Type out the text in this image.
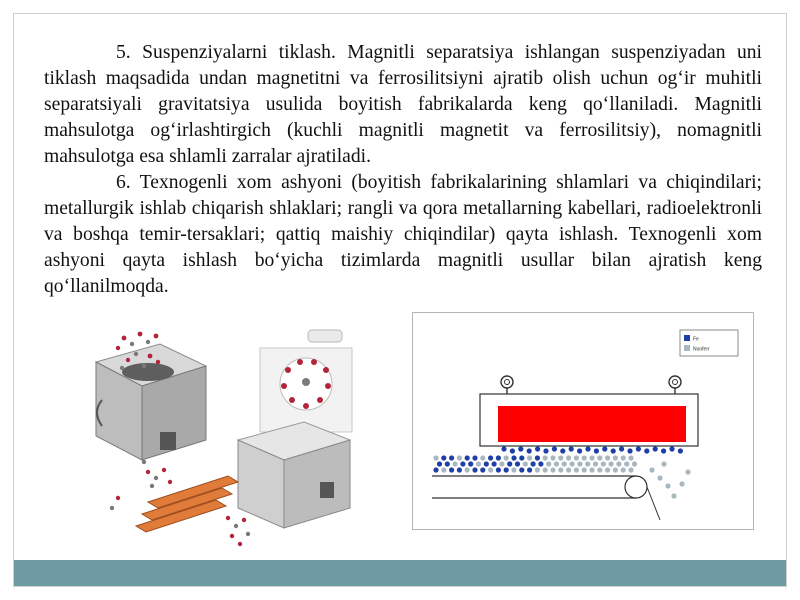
5. Suspenziyalarni tiklash. Magnitli separatsiya ishlangan suspenziyadan uni tiklash maqsadida undan magnetitni va ferrosilitsiyni ajratib olish uchun og‘ir muhitli separatsiyali gravitatsiya usulida boyitish fabrikalarda keng qo‘llaniladi. Magnitli mahsulotga og‘irlashtirgich (kuchli magnitli magnetit va ferrosilitsiy), nomagnitli mahsulotga esa shlamli zarralar ajratiladi.

6. Texnogenli xom ashyoni (boyitish fabrikalarining shlamlari va chiqindilari; metallurgik ishlab chiqarish shlaklari; rangli va qora metallarning kabellari, radioelektronli va boshqa temir-tersaklari; qattiq maishiy chiqindilar) qayta ishlash. Texnogenli xom ashyoni qayta ishlash bo‘yicha tizimlarda magnitli usullar bilan ajratish keng qo‘llanilmoqda.

Fe
Nonferr
